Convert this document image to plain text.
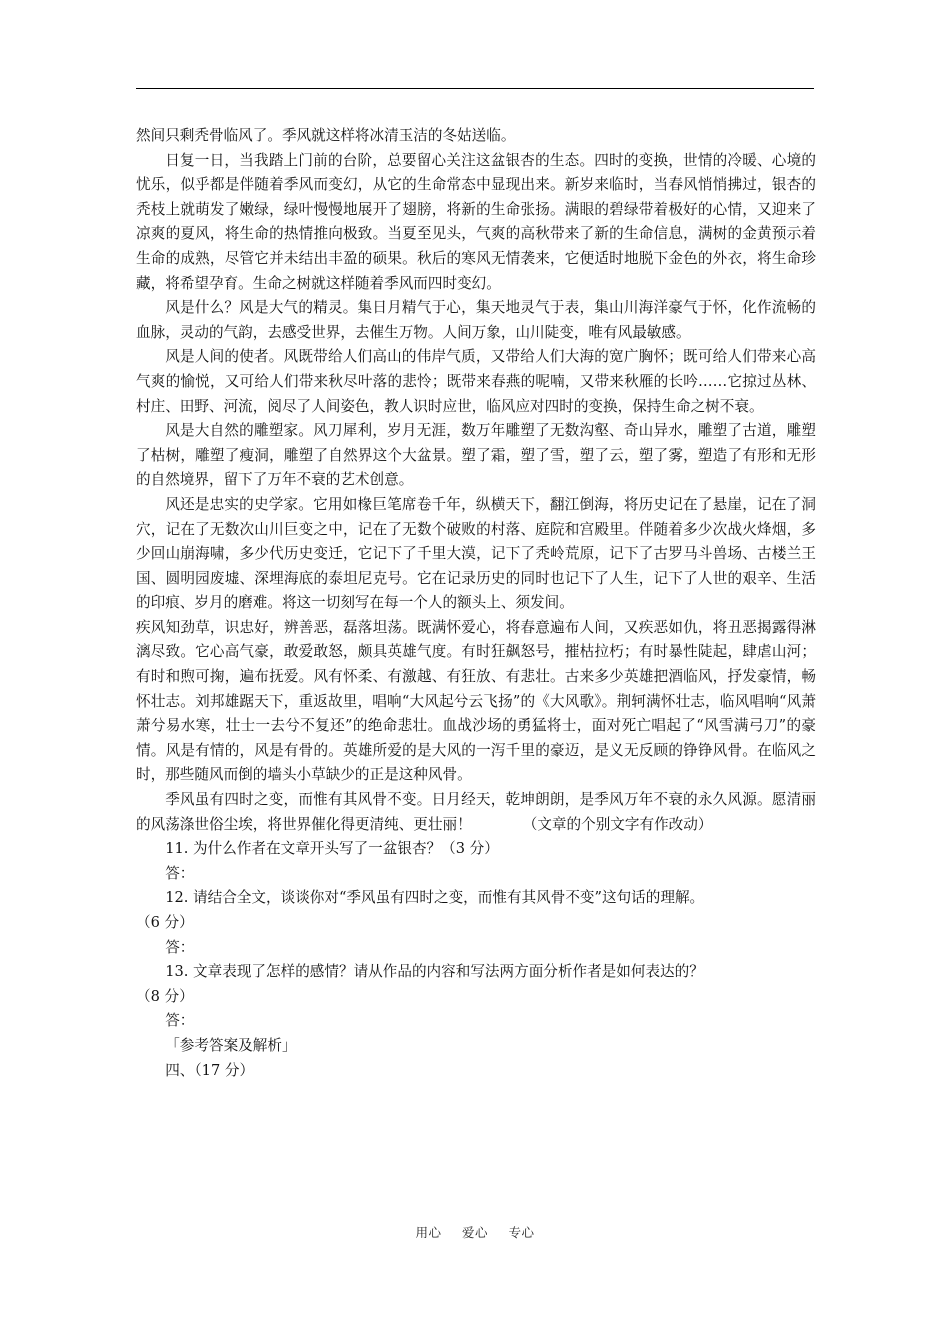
然间只剩秃骨临风了。季风就这样将冰清玉洁的冬姑送临。

日复一日，当我踏上门前的台阶，总要留心关注这盆银杏的生态。四时的变换，世情的冷暖、心境的忧乐，似乎都是伴随着季风而变幻，从它的生命常态中显现出来。新岁来临时，当春风悄悄拂过，银杏的秃枝上就萌发了嫩绿，绿叶慢慢地展开了翅膀，将新的生命张扬。满眼的碧绿带着极好的心情，又迎来了凉爽的夏风，将生命的热情推向极致。当夏至见头，气爽的高秋带来了新的生命信息，满树的金黄预示着生命的成熟，尽管它并未结出丰盈的硕果。秋后的寒风无情袭来，它便适时地脱下金色的外衣，将生命珍藏，将希望孕育。生命之树就这样随着季风而四时变幻。

风是什么？风是大气的精灵。集日月精气于心，集天地灵气于表，集山川海洋豪气于怀，化作流畅的血脉，灵动的气韵，去感受世界，去催生万物。人间万象，山川陡变，唯有风最敏感。

风是人间的使者。风既带给人们高山的伟岸气质，又带给人们大海的宽广胸怀；既可给人们带来心高气爽的愉悦，又可给人们带来秋尽叶落的悲怜；既带来春燕的呢喃，又带来秋雁的长吟……它掠过丛林、村庄、田野、河流，阅尽了人间姿色，教人识时应世，临风应对四时的变换，保持生命之树不衰。

风是大自然的雕塑家。风刀犀利，岁月无涯，数万年雕塑了无数沟壑、奇山异水，雕塑了古道，雕塑了枯树，雕塑了瘦洞，雕塑了自然界这个大盆景。塑了霜，塑了雪，塑了云，塑了雾，塑造了有形和无形的自然境界，留下了万年不衰的艺术创意。

风还是忠实的史学家。它用如椽巨笔席卷千年，纵横天下，翻江倒海，将历史记在了悬崖，记在了洞穴，记在了无数次山川巨变之中，记在了无数个破败的村落、庭院和宫殿里。伴随着多少次战火烽烟，多少回山崩海啸，多少代历史变迁，它记下了千里大漠，记下了秃岭荒原，记下了古罗马斗兽场、古楼兰王国、圆明园废墟、深埋海底的泰坦尼克号。它在记录历史的同时也记下了人生，记下了人世的艰辛、生活的印痕、岁月的磨难。将这一切刻写在每一个人的额头上、须发间。

疾风知劲草，识忠好，辨善恶，磊落坦荡。既满怀爱心，将春意遍布人间，又疾恶如仇，将丑恶揭露得淋漓尽致。它心高气豪，敢爱敢怒，颇具英雄气度。有时狂飙怒号，摧枯拉朽；有时暴性陡起，肆虐山河；有时和煦可掬，遍布抚爱。风有怀柔、有激越、有狂放、有悲壮。古来多少英雄把酒临风，抒发豪情，畅怀壮志。刘邦雄踞天下，重返故里，唱响“大风起兮云飞扬”的《大风歌》。荆轲满怀壮志，临风唱响“风萧萧兮易水寒，壮士一去兮不复还”的绝命悲壮。血战沙场的勇猛将士，面对死亡唱起了“风雪满弓刀”的豪情。风是有情的，风是有骨的。英雄所爱的是大风的一泻千里的豪迈，是义无反顾的铮铮风骨。在临风之时，那些随风而倒的墙头小草缺少的正是这种风骨。

季风虽有四时之变，而惟有其风骨不变。日月经天，乾坤朗朗，是季风万年不衰的永久风源。愿清丽的风荡涤世俗尘埃，将世界催化得更清纯、更壮丽！　　　　（文章的个别文字有作改动）

11. 为什么作者在文章开头写了一盆银杏？（3 分）

答：

12. 请结合全文，谈谈你对“季风虽有四时之变，而惟有其风骨不变”这句话的理解。

（6 分）

答：

13. 文章表现了怎样的感情？请从作品的内容和写法两方面分析作者是如何表达的？

（8 分）

答：

「参考答案及解析」

四、（17 分）

用心 爱心 专心
